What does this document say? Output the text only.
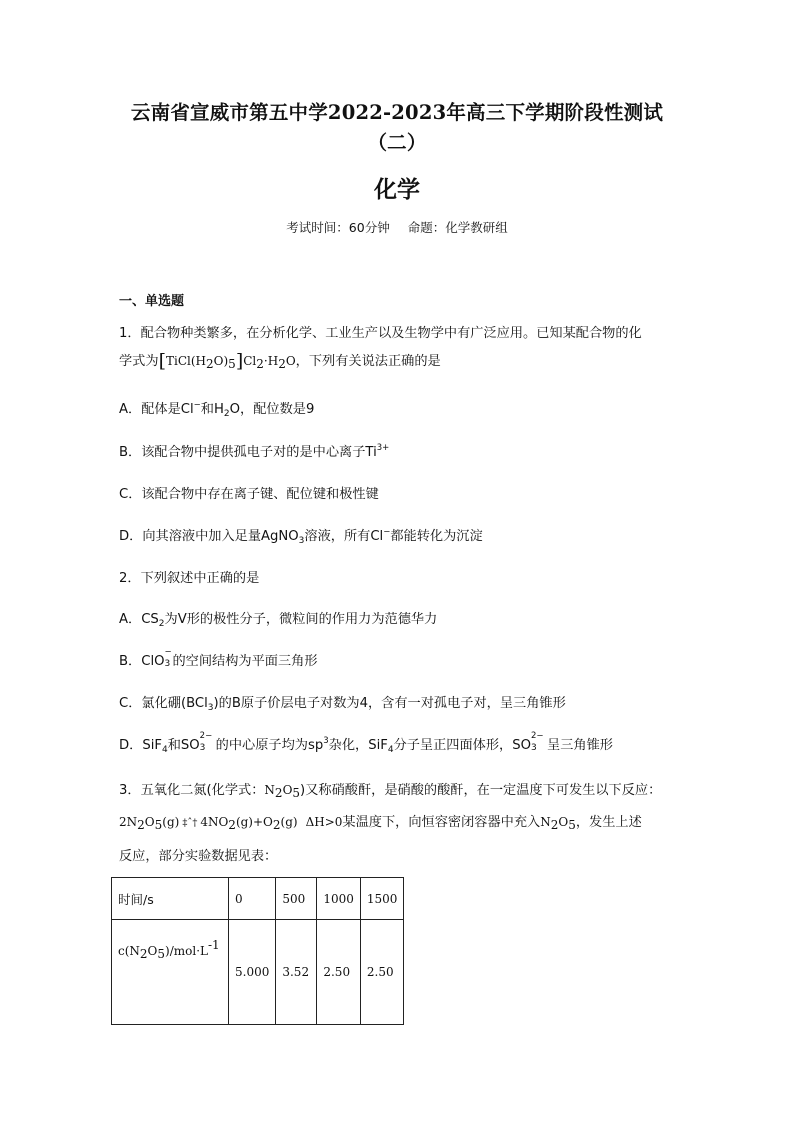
云南省宣威市第五中学2022-2023年高三下学期阶段性测试
（二）
化学
考试时间：60分钟 命题：化学教研组
一、单选题
1．配合物种类繁多，在分析化学、工业生产以及生物学中有广泛应用。已知某配合物的化
学式为[TiCl(H2O)5]Cl2·H2O，下列有关说法正确的是
A．配体是Cl−和$H_2O$，配位数是9
B．该配合物中提供孤电子对的是中心离子$Ti^{3+}$
C．该配合物中存在离子键、配位键和极性键
D．向其溶液中加入足量AgNO$_3$溶液，所有Cl−都能转化为沉淀
2．下列叙述中正确的是
A．$CS_2$为V形的极性分子，微粒间的作用力为范德华力
B．ClO
−
3 的空间结构为平面三角形
C．氯化硼(BCl$_3$)的B原子价层电子对数为4，含有一对孤电子对，呈三角锥形
D．SiF$_4$和SO
2−
3 的中心原子均为$sp^3$杂化，SiF$_4$分子呈正四面体形，SO
2−
3 呈三角锥形
3．五氧化二氮(化学式：N2O5)又称硝酸酐，是硝酸的酸酐，在一定温度下可发生以下反应：
2N2O5(g) ‡ˆ† 4NO2(g)+O2(g) ΔH>0某温度下，向恒容密闭容器中充入N2O5，发生上述
反应，部分实验数据见表：
时间/s	0	500	1000	1500
c(N2O5)/mol·L-1	5.000	3.52	2.50	2.50
